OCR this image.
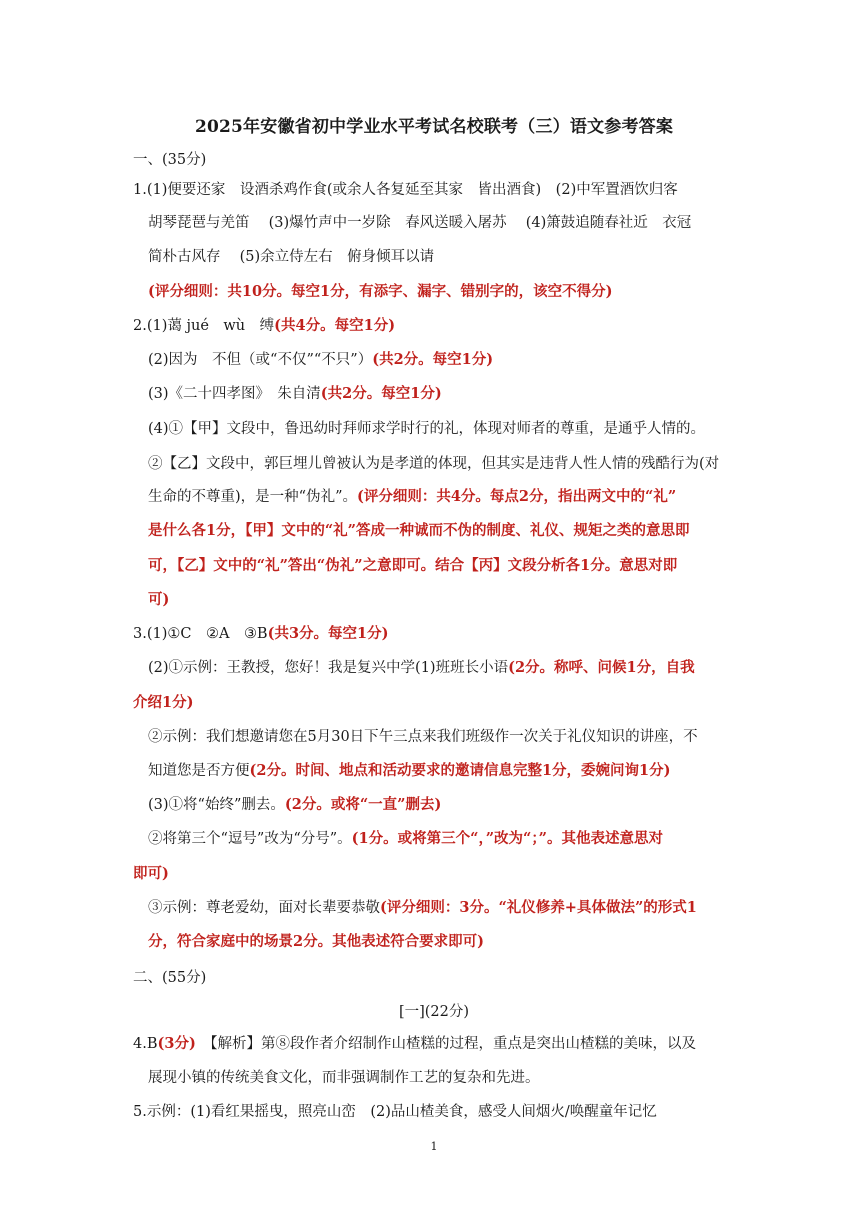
2025年安徽省初中学业水平考试名校联考（三）语文参考答案
一、(35分)
1.(1)便要还家　设酒杀鸡作食(或余人各复延至其家　皆出酒食)　(2)中军置酒饮归客
胡琴琵琶与羌笛　 (3)爆竹声中一岁除　春风送暖入屠苏　 (4)箫鼓追随春社近　衣冠
简朴古风存　 (5)余立侍左右　俯身倾耳以请
(评分细则：共10分。每空1分，有添字、漏字、错别字的，该空不得分)
2.(1)蔼 jué　wù　缚(共4分。每空1分)
(2)因为　不但（或“不仅”“不只”）(共2分。每空1分)
(3)《二十四孝图》　朱自清(共2分。每空1分)
(4)①【甲】文段中，鲁迅幼时拜师求学时行的礼，体现对师者的尊重，是通乎人情的。
②【乙】文段中，郭巨埋儿曾被认为是孝道的体现，但其实是违背人性人情的残酷行为(对
生命的不尊重)，是一种“伪礼”。(评分细则：共4分。每点2分，指出两文中的“礼”
是什么各1分，【甲】文中的“礼”答成一种诚而不伪的制度、礼仪、规矩之类的意思即
可，【乙】文中的“礼”答出“伪礼”之意即可。结合【丙】文段分析各1分。意思对即
可)
3.(1)①C　②A　③B(共3分。每空1分)
(2)①示例：王教授，您好！我是复兴中学(1)班班长小语(2分。称呼、问候1分，自我
介绍1分)
②示例：我们想邀请您在5月30日下午三点来我们班级作一次关于礼仪知识的讲座，不
知道您是否方便(2分。时间、地点和活动要求的邀请信息完整1分，委婉问询1分)
(3)①将“始终”删去。(2分。或将“一直”删去)
②将第三个“逗号”改为“分号”。(1分。或将第三个“，”改为“；”。其他表述意思对
即可)
③示例：尊老爱幼，面对长辈要恭敬(评分细则：3分。“礼仪修养+具体做法”的形式1
分，符合家庭中的场景2分。其他表述符合要求即可)
二、(55分)
[一](22分)
4.B(3分)　【解析】第⑧段作者介绍制作山楂糕的过程，重点是突出山楂糕的美味，以及
展现小镇的传统美食文化，而非强调制作工艺的复杂和先进。
5.示例：(1)看红果摇曳，照亮山峦　(2)品山楂美食，感受人间烟火/唤醒童年记忆
1
